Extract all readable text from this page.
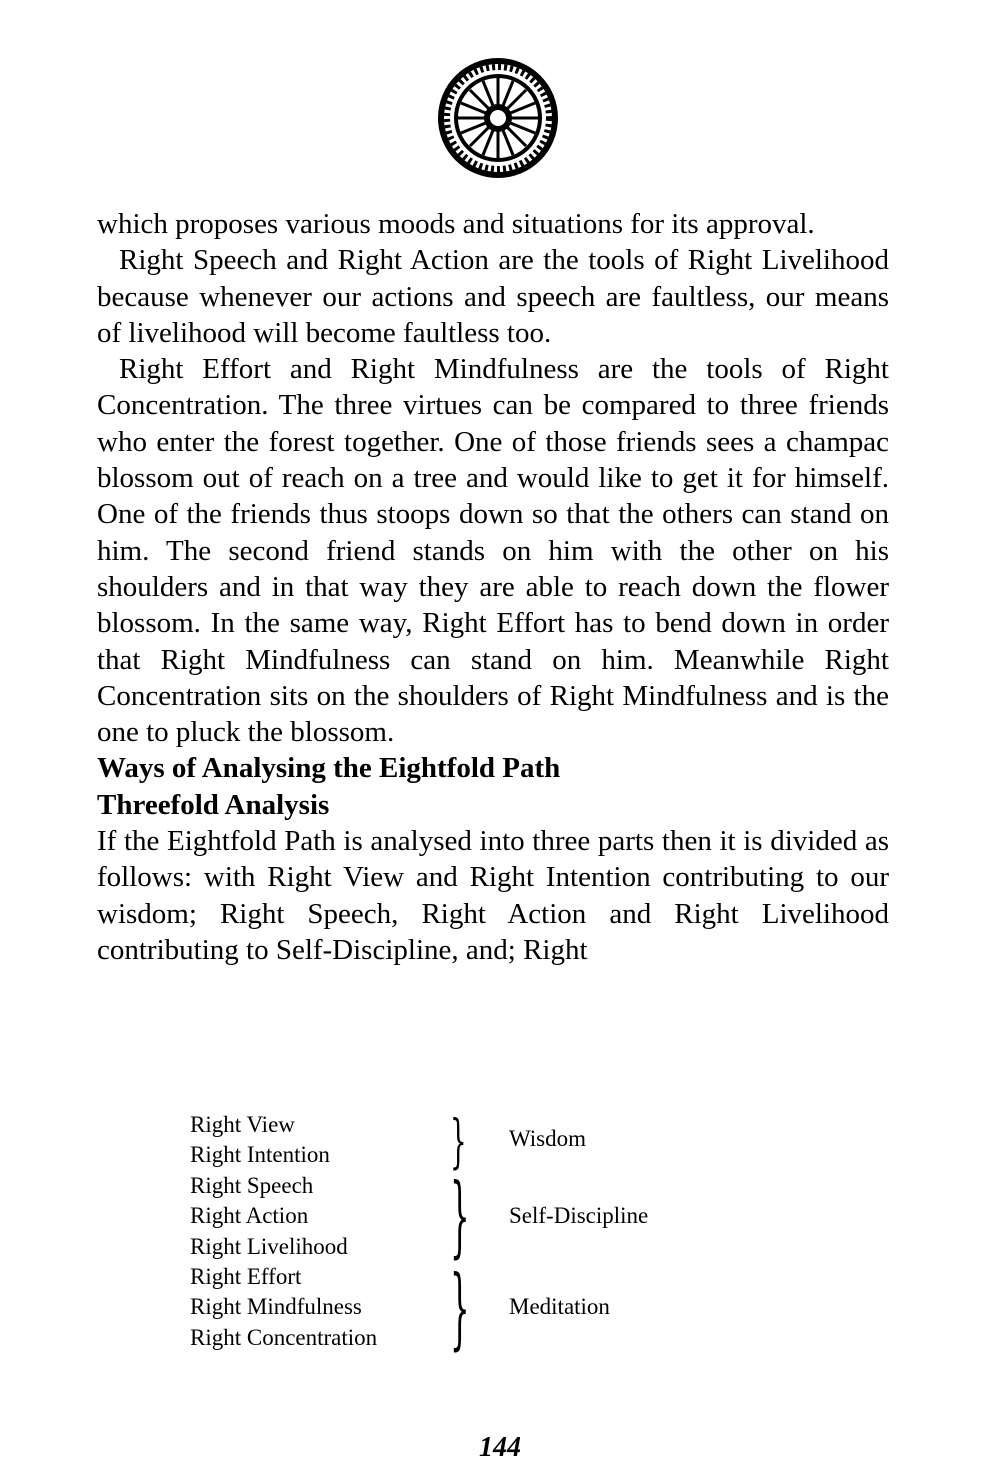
which proposes various moods and situations for its approval.

Right Speech and Right Action are the tools of Right Livelihood because whenever our actions and speech are faultless, our means of livelihood will become faultless too.

Right Effort and Right Mindfulness are the tools of Right Concentration. The three virtues can be compared to three friends who enter the forest together. One of those friends sees a champac blossom out of reach on a tree and would like to get it for himself. One of the friends thus stoops down so that the others can stand on him. The second friend stands on him with the other on his shoulders and in that way they are able to reach down the flower blossom. In the same way, Right Effort has to bend down in order that Right Mindfulness can stand on him. Meanwhile Right Concentration sits on the shoulders of Right Mindfulness and is the one to pluck the blossom.

Ways of Analysing the Eightfold Path
Threefold Analysis

If the Eightfold Path is analysed into three parts then it is divided as follows: with Right View and Right Intention contributing to our wisdom; Right Speech, Right Action and Right Livelihood contributing to Self-Discipline, and; Right

Right View
Right Intention
Right Speech
Right Action
Right Livelihood
Right Effort
Right Mindfulness
Right Concentration
}
}
}
Wisdom
Self-Discipline
Meditation
144
